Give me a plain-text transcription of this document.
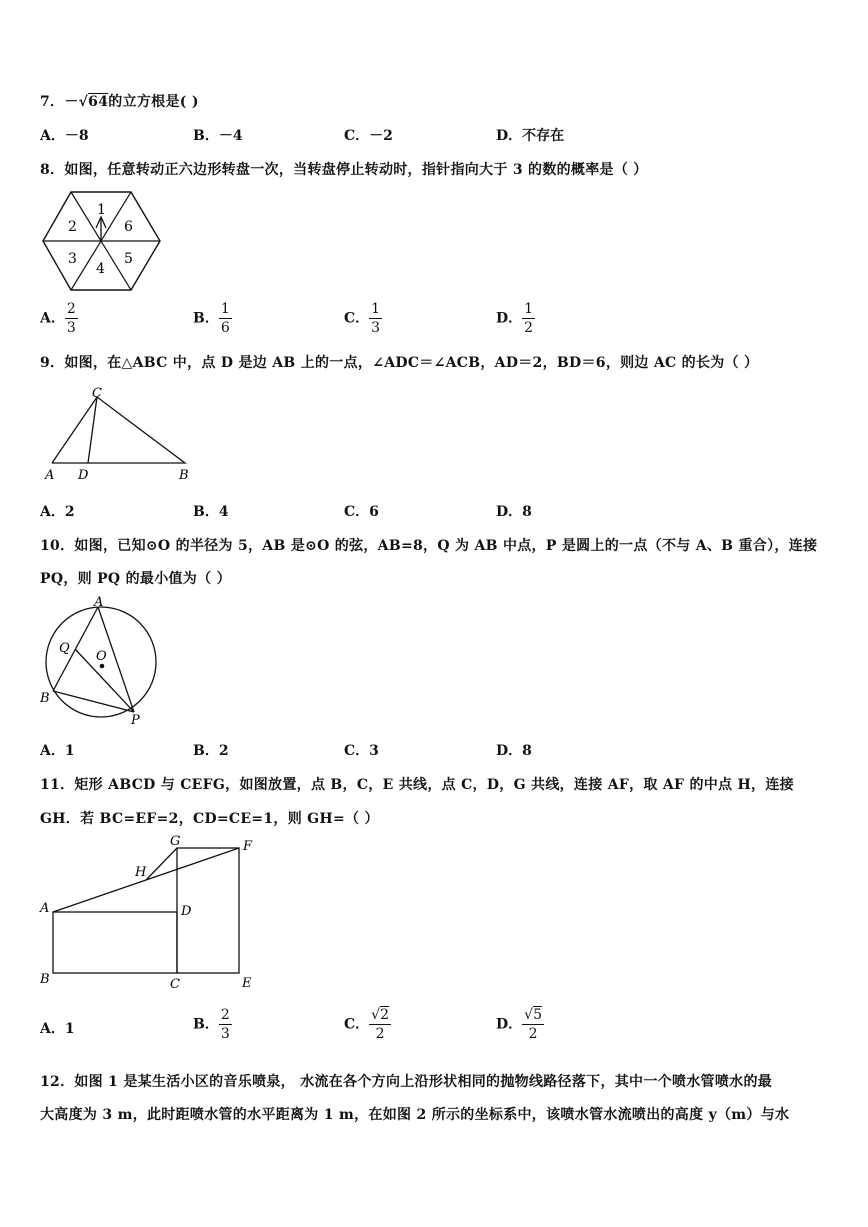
7．－√64的立方根是( )
A．－8	B．－4	C．－2	D．不存在
8．如图，任意转动正六边形转盘一次，当转盘停止转动时，指针指向大于 3 的数的概率是（ ）
1
6
5
4
3
2
A． $\frac{2}{3}$	B． $\frac{1}{6}$	C． $\frac{1}{3}$	D． $\frac{1}{2}$
9．如图，在△ABC 中，点 D 是边 AB 上的一点，∠ADC＝∠ACB，AD＝2，BD＝6，则边 AC 的长为（ ）
C
A D	B
A．2	B．4	C．6	D．8
10．如图，已知⊙O 的半径为 5，AB 是⊙O 的弦，AB=8，Q 为 AB 中点，P 是圆上的一点（不与 A、B 重合），连接
PQ，则 PQ 的最小值为（ ）
A
Q
O
B
P
A．1	B．2	C．3	D．8
11．矩形 ABCD 与 CEFG，如图放置，点 B，C，E 共线，点 C，D，G 共线，连接 AF，取 AF 的中点 H，连接
GH．若 BC=EF=2，CD=CE=1，则 GH=（ ）
G	F
H
A	D
B	C	E
A．1	B． $\frac{2}{3}$	C． $\frac{√2}{2}$	D． $\frac{√5}{2}$
12．如图 1 是某生活小区的音乐喷泉， 水流在各个方向上沿形状相同的抛物线路径落下，其中一个喷水管喷水的最
大高度为 3 m，此时距喷水管的水平距离为 1 m，在如图 2 所示的坐标系中，该喷水管水流喷出的高度 y（m）与水
